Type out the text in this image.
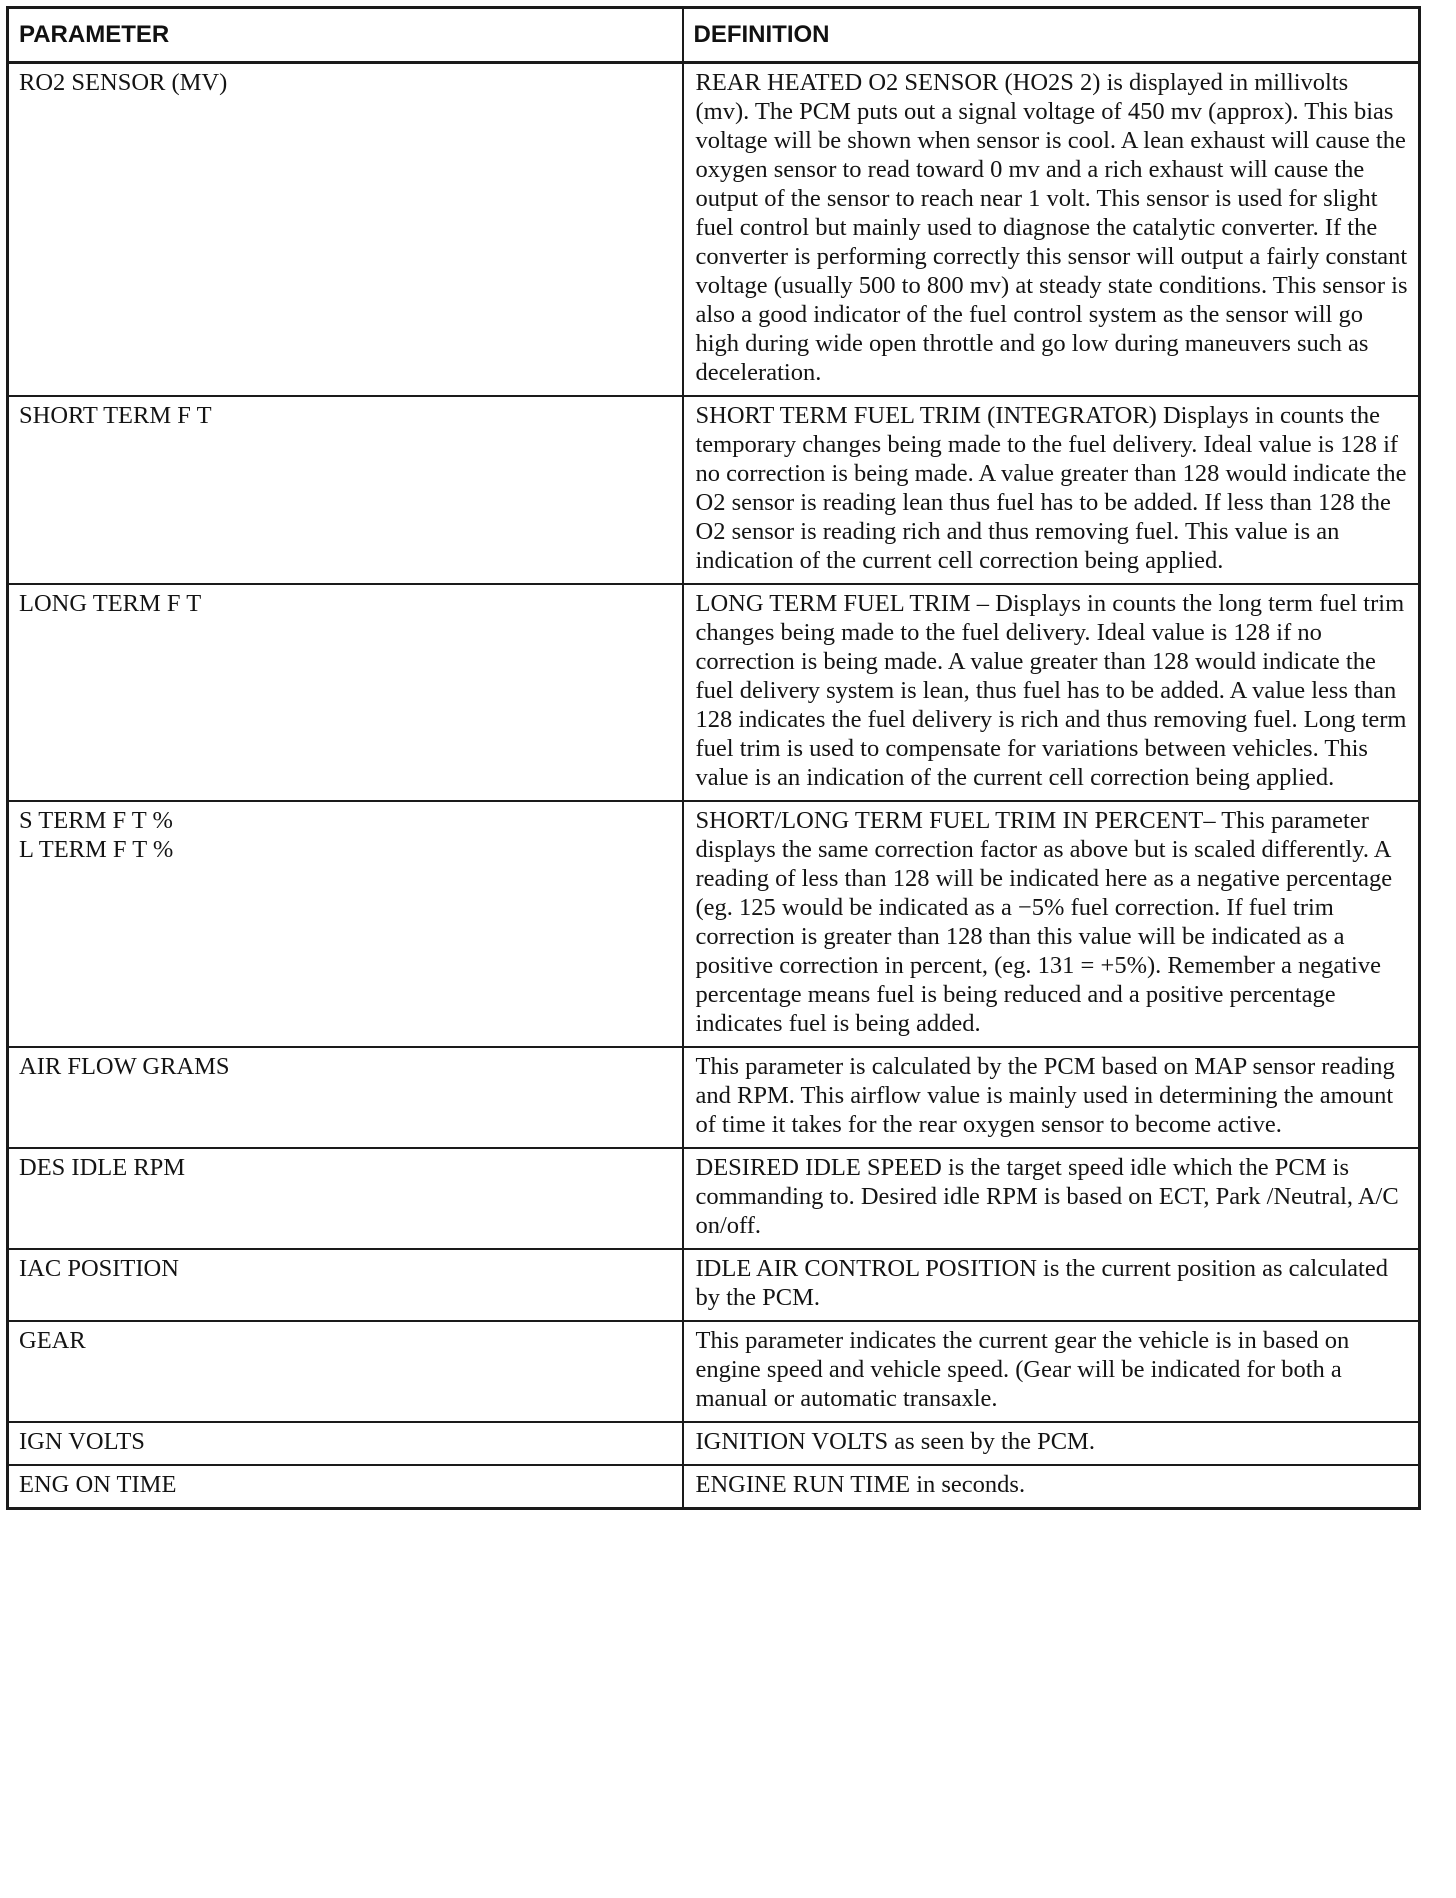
PARAMETER	DEFINITION

RO2 SENSOR (MV)	REAR HEATED O2 SENSOR (HO2S 2) is displayed in millivolts (mv). The PCM puts out a signal voltage of 450 mv (approx). This bias voltage will be shown when sensor is cool. A lean exhaust will cause the oxygen sensor to read toward 0 mv and a rich exhaust will cause the output of the sensor to reach near 1 volt. This sensor is used for slight fuel control but mainly used to diagnose the catalytic converter. If the converter is performing correctly this sensor will output a fairly constant voltage (usually 500 to 800 mv) at steady state conditions. This sensor is also a good indicator of the fuel control system as the sensor will go high during wide open throttle and go low during maneuvers such as deceleration.

SHORT TERM F T	SHORT TERM FUEL TRIM (INTEGRATOR) Displays in counts the temporary changes being made to the fuel delivery. Ideal value is 128 if no correction is being made. A value greater than 128 would indicate the O2 sensor is reading lean thus fuel has to be added. If less than 128 the O2 sensor is reading rich and thus removing fuel. This value is an indication of the current cell correction being applied.

LONG TERM F T	LONG TERM FUEL TRIM – Displays in counts the long term fuel trim changes being made to the fuel delivery. Ideal value is 128 if no correction is being made. A value greater than 128 would indicate the fuel delivery system is lean, thus fuel has to be added. A value less than 128 indicates the fuel delivery is rich and thus removing fuel. Long term fuel trim is used to compensate for variations between vehicles. This value is an indication of the current cell correction being applied.

S TERM F T %
L TERM F T %	SHORT/LONG TERM FUEL TRIM IN PERCENT– This parameter displays the same correction factor as above but is scaled differently. A reading of less than 128 will be indicated here as a negative percentage (eg. 125 would be indicated as a −5% fuel correction. If fuel trim correction is greater than 128 than this value will be indicated as a positive correction in percent, (eg. 131 = +5%). Remember a negative percentage means fuel is being reduced and a positive percentage indicates fuel is being added.

AIR FLOW GRAMS	This parameter is calculated by the PCM based on MAP sensor reading and RPM. This airflow value is mainly used in determining the amount of time it takes for the rear oxygen sensor to become active.

DES IDLE RPM	DESIRED IDLE SPEED is the target speed idle which the PCM is commanding to. Desired idle RPM is based on ECT, Park /Neutral, A/C on/off.

IAC POSITION	IDLE AIR CONTROL POSITION is the current position as calculated by the PCM.

GEAR	This parameter indicates the current gear the vehicle is in based on engine speed and vehicle speed. (Gear will be indicated for both a manual or automatic transaxle.

IGN VOLTS	IGNITION VOLTS as seen by the PCM.

ENG ON TIME	ENGINE RUN TIME in seconds.
